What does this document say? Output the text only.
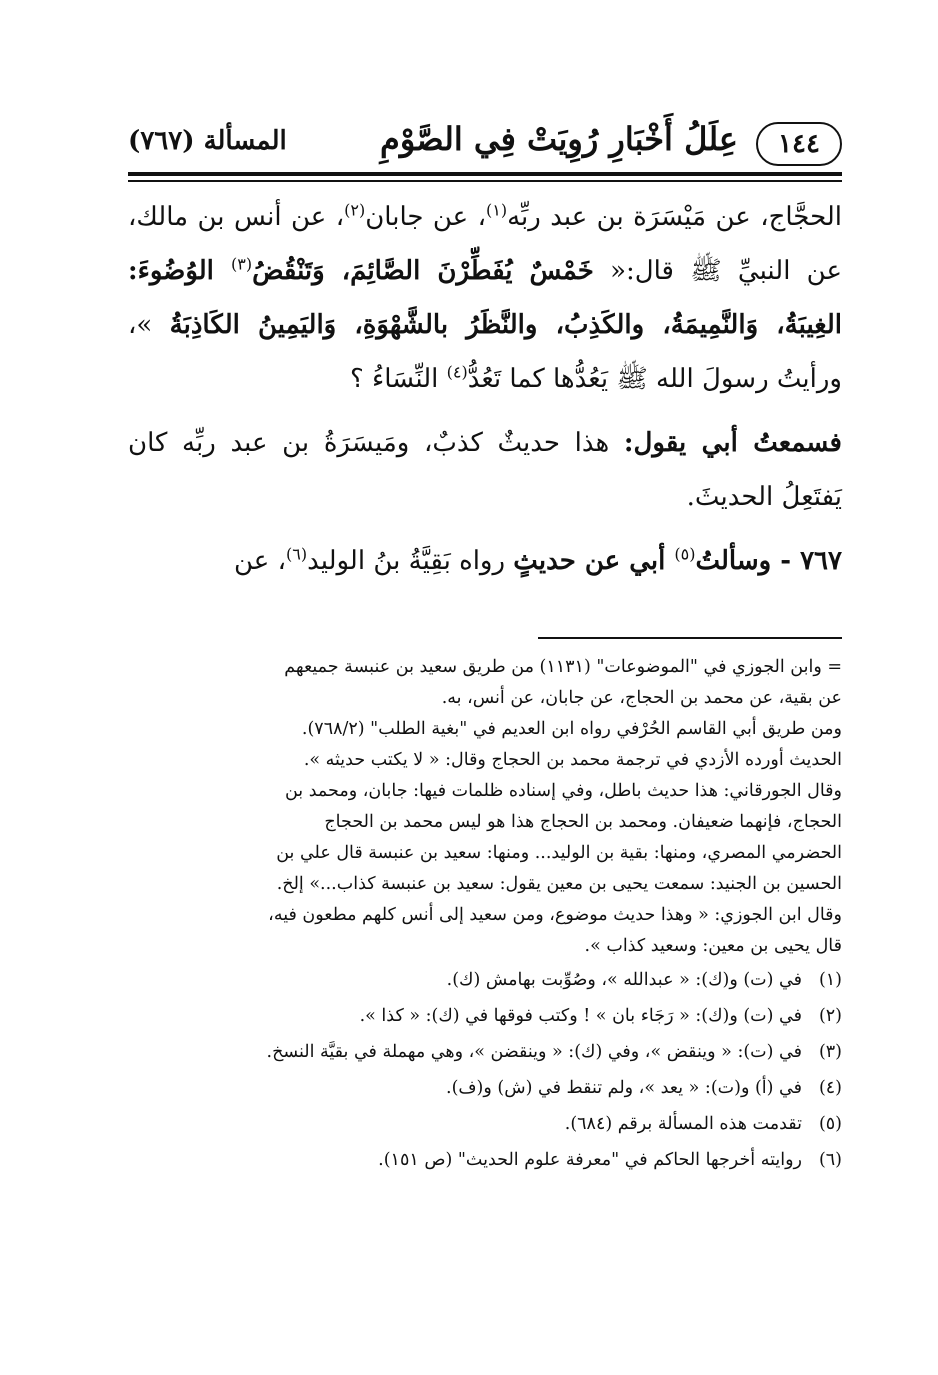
١٤٤
عِلَلُ أَخْبَارِ رُوِيَتْ فِي الصَّوْمِ
المسألة (٧٦٧)

الحجَّاج، عن مَيْسَرَة بن عبد ربِّه$^{(١)}$، عن جابان$^{(٢)}$، عن أنس بن مالك، عن النبيِّ ﷺ قال:« خَمْسٌ يُفَطِّرْنَ الصَّائِمَ، وَتَنْقُضُ$^{(٣)}$ الوُضُوءَ: الغِيبَةُ، وَالنَّمِيمَةُ، والكَذِبُ، والنَّظَرُ بالشَّهْوَةِ، وَاليَمِينُ الكَاذِبَةُ »، ورأيتُ رسولَ الله ﷺ يَعُدُّها كما تَعُدُّ$^{(٤)}$ النِّسَاءُ ؟

فسمعتُ أبي يقول: هذا حديثٌ كذبٌ، ومَيسَرَةُ بن عبد ربِّه كان يَفتَعِلُ الحديثَ.

٧٦٧ - وسألتُ$^{(٥)}$ أبي عن حديثٍ رواه بَقِيَّةُ بنُ الوليد$^{(٦)}$، عن

= وابن الجوزي في "الموضوعات" (١١٣١) من طريق سعيد بن عنبسة جميعهم

عن بقية، عن محمد بن الحجاج، عن جابان، عن أنس، به.

ومن طريق أبي القاسم الحُرْفي رواه ابن العديم في "بغية الطلب" (٧٦٨/٢).

الحديث أورده الأزدي في ترجمة محمد بن الحجاج وقال: « لا يكتب حديثه ».

وقال الجورقاني: هذا حديث باطل، وفي إسناده ظلمات فيها: جابان، ومحمد بن

الحجاج، فإنهما ضعيفان. ومحمد بن الحجاج هذا هو ليس محمد بن الحجاج

الحضرمي المصري، ومنها: بقية بن الوليد... ومنها: سعيد بن عنبسة قال علي بن

الحسين بن الجنيد: سمعت يحيى بن معين يقول: سعيد بن عنبسة كذاب...» إلخ.

وقال ابن الجوزي: « وهذا حديث موضوع، ومن سعيد إلى أنس كلهم مطعون فيه،

قال يحيى بن معين: وسعيد كذاب ».

(١)
في (ت) و(ك): « عبدالله »، وصُوِّبت بهامش (ك).
(٢)
في (ت) و(ك): « رَجَاء بان » ! وكتب فوقها في (ك): « كذا ».
(٣)
في (ت): « وينقض »، وفي (ك): « وينقضن »، وهي مهملة في بقيَّة النسخ.
(٤)
في (أ) و(ت): « يعد »، ولم تنقط في (ش) و(ف).
(٥)
تقدمت هذه المسألة برقم (٦٨٤).
(٦)
روايته أخرجها الحاكم في "معرفة علوم الحديث" (ص ١٥١).
